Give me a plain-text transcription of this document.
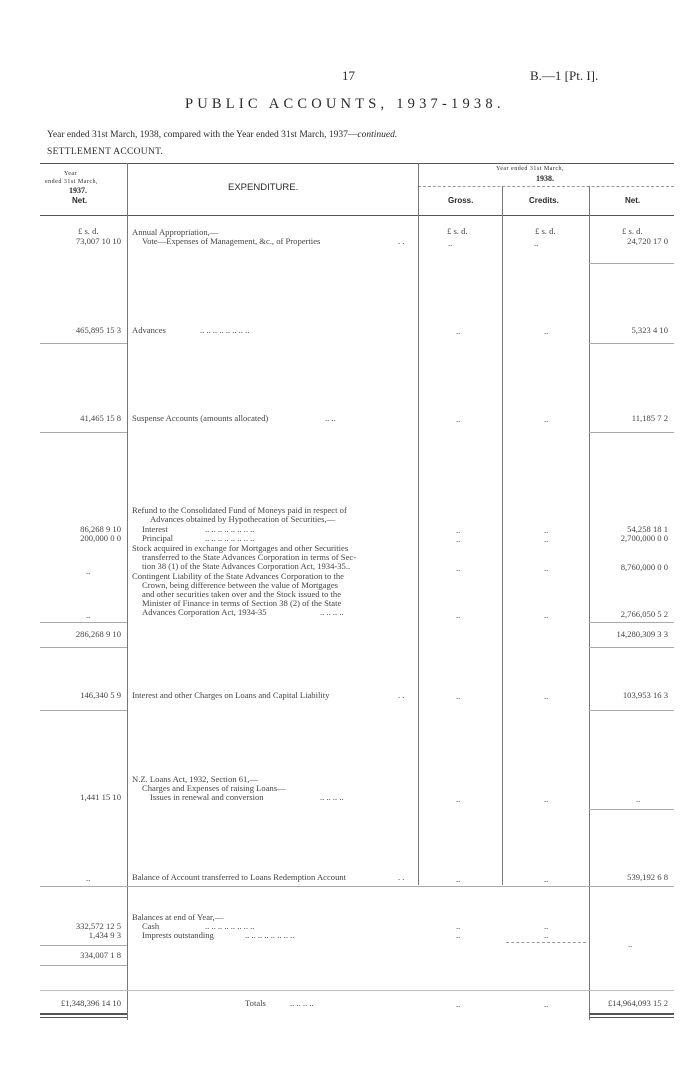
17	B.—1 [Pt. I].
PUBLIC ACCOUNTS, 1937-1938.
Year ended 31st March, 1938, compared with the Year ended 31st March, 1937—continued.
SETTLEMENT ACCOUNT.
Year
ended 31st March,
1937.
Net.
EXPENDITURE.
Year ended 31st March,
1938.
Gross.	Credits.	Net.
£ s. d.	£ s. d.	£ s. d.	£ s. d.
Annual Appropriation,—
Vote—Expenses of Management, &c., of Properties	. .
73,007 10 10	..	..	24,720 17 0
Advances	.. .. .. .. .. .. .. ..
465,895 15 3	..	..	5,323 4 10
Suspense Accounts (amounts allocated)	.. ..
41,465 15 8	..	..	11,185 7 2
Refund to the Consolidated Fund of Moneys paid in respect of
Advances obtained by Hypothecation of Securities,—
Interest	.. .. .. .. .. .. .. ..
86,268 9 10	..	..	54,258 18 1
Principal	.. .. .. .. .. .. .. ..
200,000 0 0	..	..	2,700,000 0 0
Stock acquired in exchange for Mortgages and other Securities
transferred to the State Advances Corporation in terms of Sec-
tion 38 (1) of the State Advances Corporation Act, 1934-35..
..	..	..	8,760,000 0 0
Contingent Liability of the State Advances Corporation to the
Crown, being difference between the value of Mortgages
and other securities taken over and the Stock issued to the
Minister of Finance in terms of Section 38 (2) of the State
Advances Corporation Act, 1934-35	.. .. .. ..
..	..	..	2,766,050 5 2
286,268 9 10	14,280,309 3 3
Interest and other Charges on Loans and Capital Liability	. .
146,340 5 9	..	..	103,953 16 3
N.Z. Loans Act, 1932, Section 61,—
Charges and Expenses of raising Loans—
Issues in renewal and conversion	.. .. .. ..
1,441 15 10	..	..	..
Balance of Account transferred to Loans Redemption Account	. .
..	..	..	539,192 6 8
Balances at end of Year,—
Cash	.. .. .. .. .. .. .. ..
332,572 12 5	..	..
Imprests outstanding	.. .. .. .. .. .. .. ..
1,434 9 3	..	..
..
334,007 1 8
Totals	.. .. .. ..
£1,348,396 14 10	..	..	£14,964,093 15 2
